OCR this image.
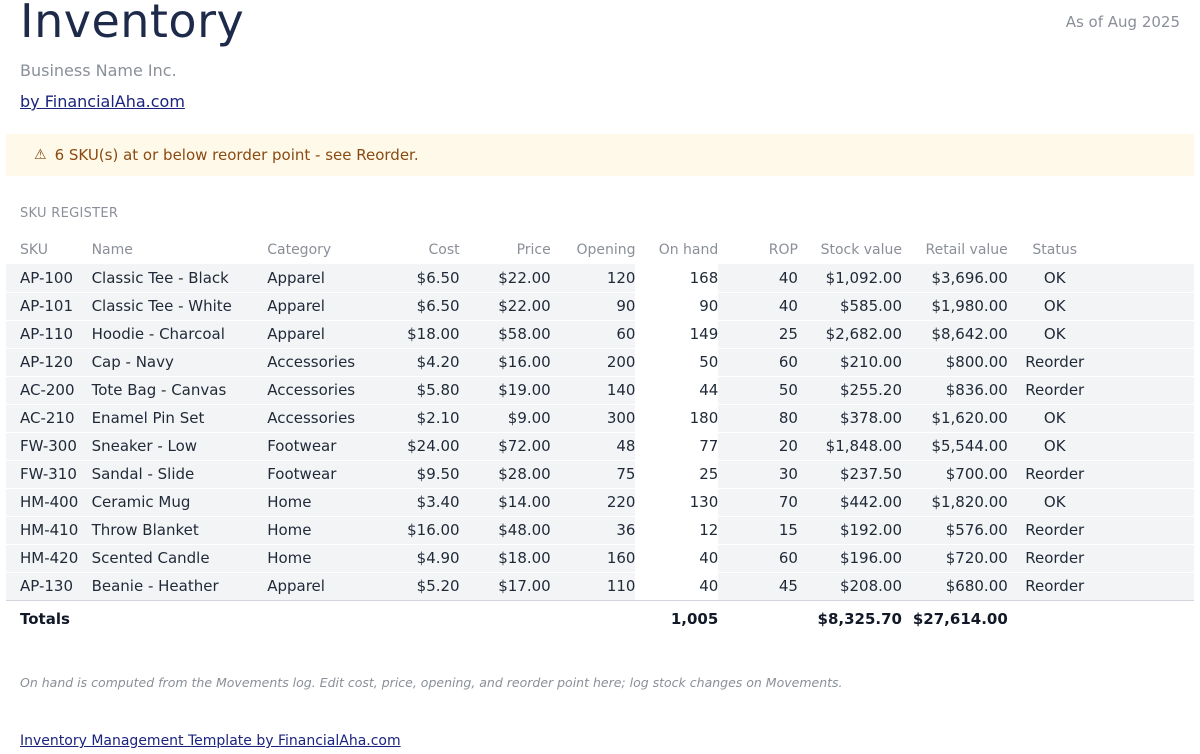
Inventory	As of Aug 2025
Business Name Inc.
by FinancialAha.com
⚠ 6 SKU(s) at or below reorder point - see Reorder.
SKU REGISTER
SKU	Name	Category	Cost	Price	Opening	On hand	ROP	Stock value	Retail value	Status	
AP-100	Classic Tee - Black	Apparel	$6.50	$22.00	120	168	40	$1,092.00	$3,696.00	OK	
AP-101	Classic Tee - White	Apparel	$6.50	$22.00	90	90	40	$585.00	$1,980.00	OK	
AP-110	Hoodie - Charcoal	Apparel	$18.00	$58.00	60	149	25	$2,682.00	$8,642.00	OK	
AP-120	Cap - Navy	Accessories	$4.20	$16.00	200	50	60	$210.00	$800.00	Reorder	
AC-200	Tote Bag - Canvas	Accessories	$5.80	$19.00	140	44	50	$255.20	$836.00	Reorder	
AC-210	Enamel Pin Set	Accessories	$2.10	$9.00	300	180	80	$378.00	$1,620.00	OK	
FW-300	Sneaker - Low	Footwear	$24.00	$72.00	48	77	20	$1,848.00	$5,544.00	OK	
FW-310	Sandal - Slide	Footwear	$9.50	$28.00	75	25	30	$237.50	$700.00	Reorder	
HM-400	Ceramic Mug	Home	$3.40	$14.00	220	130	70	$442.00	$1,820.00	OK	
HM-410	Throw Blanket	Home	$16.00	$48.00	36	12	15	$192.00	$576.00	Reorder	
HM-420	Scented Candle	Home	$4.90	$18.00	160	40	60	$196.00	$720.00	Reorder	
AP-130	Beanie - Heather	Apparel	$5.20	$17.00	110	40	45	$208.00	$680.00	Reorder	
Totals						1,005		$8,325.70	$27,614.00		
On hand is computed from the Movements log. Edit cost, price, opening, and reorder point here; log stock changes on Movements.
Inventory Management Template by FinancialAha.com
